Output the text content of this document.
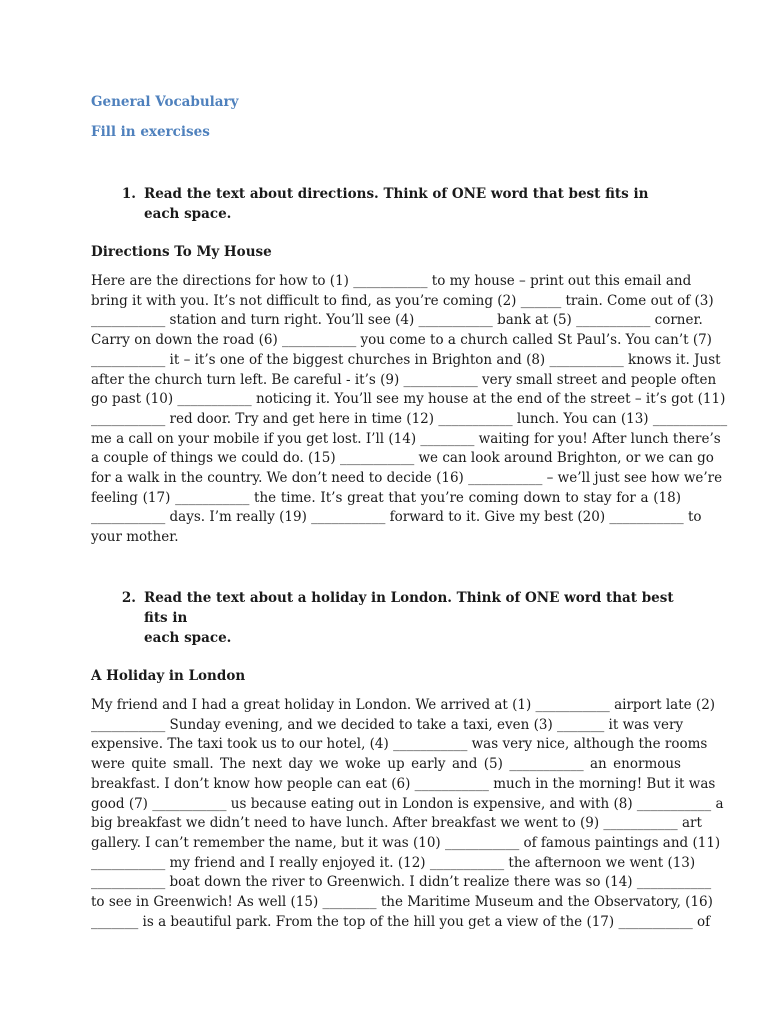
General Vocabulary

Fill in exercises

1. Read the text about directions. Think of ONE word that best fits in each space.

Directions To My House

Here are the directions for how to (1) ___________ to my house – print out this email and
bring it with you. It’s not difficult to find, as you’re coming (2) ______ train. Come out of (3)
___________ station and turn right. You’ll see (4) ___________ bank at (5) ___________ corner.
Carry on down the road (6) ___________ you come to a church called St Paul’s. You can’t (7)
___________ it – it’s one of the biggest churches in Brighton and (8) ___________ knows it. Just
after the church turn left. Be careful - it’s (9) ___________ very small street and people often
go past (10) ___________ noticing it. You’ll see my house at the end of the street – it’s got (11)
___________ red door. Try and get here in time (12) ___________ lunch. You can (13) ___________
me a call on your mobile if you get lost. I’ll (14) ________ waiting for you! After lunch there’s
a couple of things we could do. (15) ___________ we can look around Brighton, or we can go
for a walk in the country. We don’t need to decide (16) ___________ – we’ll just see how we’re
feeling (17) ___________ the time. It’s great that you’re coming down to stay for a (18)
___________ days. I’m really (19) ___________ forward to it. Give my best (20) ___________ to
your mother.
2. Read the text about a holiday in London. Think of ONE word that best fits in
each space.

A Holiday in London

My friend and I had a great holiday in London. We arrived at (1) ___________ airport late (2)
___________ Sunday evening, and we decided to take a taxi, even (3) _______ it was very
expensive. The taxi took us to our hotel, (4) ___________ was very nice, although the rooms
were quite small. The next day we woke up early and (5) ___________ an enormous
breakfast. I don’t know how people can eat (6) ___________ much in the morning! But it was
good (7) ___________ us because eating out in London is expensive, and with (8) ___________ a
big breakfast we didn’t need to have lunch. After breakfast we went to (9) ___________ art
gallery. I can’t remember the name, but it was (10) ___________ of famous paintings and (11)
___________ my friend and I really enjoyed it. (12) ___________ the afternoon we went (13)
___________ boat down the river to Greenwich. I didn’t realize there was so (14) ___________
to see in Greenwich! As well (15) ________ the Maritime Museum and the Observatory, (16)
_______ is a beautiful park. From the top of the hill you get a view of the (17) ___________ of
